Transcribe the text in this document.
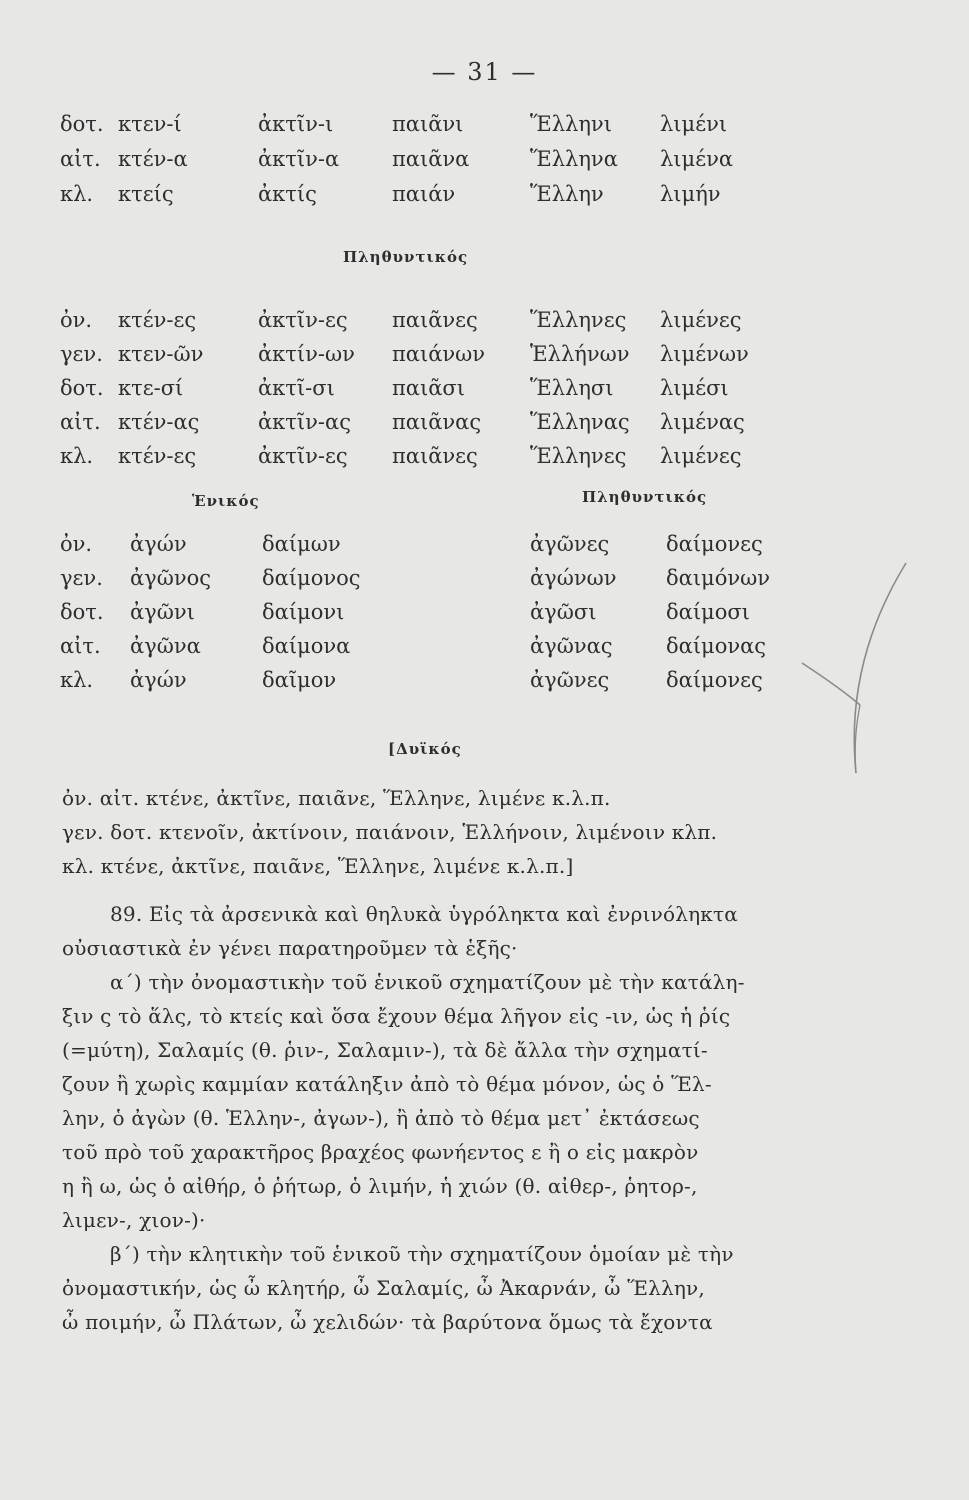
— 31 —
δοτ. κτεν-ί	ἀκτῖν-ι	παιᾶνι	Ἕλληνι λιμένι
αἰτ. κτέν-α	ἀκτῖν-α	παιᾶνα	Ἕλληνα λιμένα
κλ. κτείς	ἀκτίς	παιάν	Ἕλλην	λιμήν
Πληθυντικός
ὀν. κτέν-ες	ἀκτῖν-ες παιᾶνες Ἕλληνες λιμένες
γεν. κτεν-ῶν	ἀκτίν-ων παιάνων Ἑλλήνων λιμένων
δοτ. κτε-σί	ἀκτῖ-σι	παιᾶσι	Ἕλλησι λιμέσι
αἰτ. κτέν-ας	ἀκτῖν-ας παιᾶνας Ἕλληνας λιμένας
κλ. κτέν-ες	ἀκτῖν-ες παιᾶνες Ἕλληνες λιμένες
Ἑνικός	Πληθυντικός
ὀν. ἀγών	δαίμων	ἀγῶνες	δαίμονες
γεν. ἀγῶνος δαίμονος	ἀγώνων δαιμόνων
δοτ. ἀγῶνι	δαίμονι	ἀγῶσι	δαίμοσι
αἰτ. ἀγῶνα	δαίμονα	ἀγῶνας	δαίμονας
κλ. ἀγών	δαῖμον	ἀγῶνες	δαίμονες
[Δυϊκός
ὀν. αἰτ. κτένε, ἀκτῖνε, παιᾶνε, Ἕλληνε, λιμένε κ.λ.π.
γεν. δοτ. κτενοῖν, ἀκτίνοιν, παιάνοιν, Ἑλλήνοιν, λιμένοιν κλπ.
κλ. κτένε, ἀκτῖνε, παιᾶνε, Ἕλληνε, λιμένε κ.λ.π.]
89. Εἰς τὰ ἀρσενικὰ καὶ θηλυκὰ ὑγρόληκτα καὶ ἐνρινόληκτα
οὐσιαστικὰ ἐν γένει παρατηροῦμεν τὰ ἑξῆς·
α΄) τὴν ὀνομαστικὴν τοῦ ἑνικοῦ σχηματίζουν μὲ τὴν κατάλη-
ξιν ς τὸ ἅλς, τὸ κτείς καὶ ὅσα ἔχουν θέμα λῆγον εἰς -ιν, ὡς ἡ ῥίς
(=μύτη), Σαλαμίς (θ. ῥιν-, Σαλαμιν-), τὰ δὲ ἄλλα τὴν σχηματί-
ζουν ἢ χωρὶς καμμίαν κατάληξιν ἀπὸ τὸ θέμα μόνον, ὡς ὁ Ἕλ-
λην, ὁ ἀγὼν (θ. Ἑλλην-, ἀγων-), ἢ ἀπὸ τὸ θέμα μετ᾽ ἐκτάσεως
τοῦ πρὸ τοῦ χαρακτῆρος βραχέος φωνήεντος ε ἢ ο εἰς μακρὸν
η ἢ ω, ὡς ὁ αἰθήρ, ὁ ῥήτωρ, ὁ λιμήν, ἡ χιών (θ. αἰθερ-, ῥητορ-,
λιμεν-, χιον-)·
β΄) τὴν κλητικὴν τοῦ ἑνικοῦ τὴν σχηματίζουν ὁμοίαν μὲ τὴν
ὀνομαστικήν, ὡς ὦ κλητήρ, ὦ Σαλαμίς, ὦ Ἀκαρνάν, ὦ Ἕλλην,
ὦ ποιμήν, ὦ Πλάτων, ὦ χελιδών· τὰ βαρύτονα ὅμως τὰ ἔχοντα
